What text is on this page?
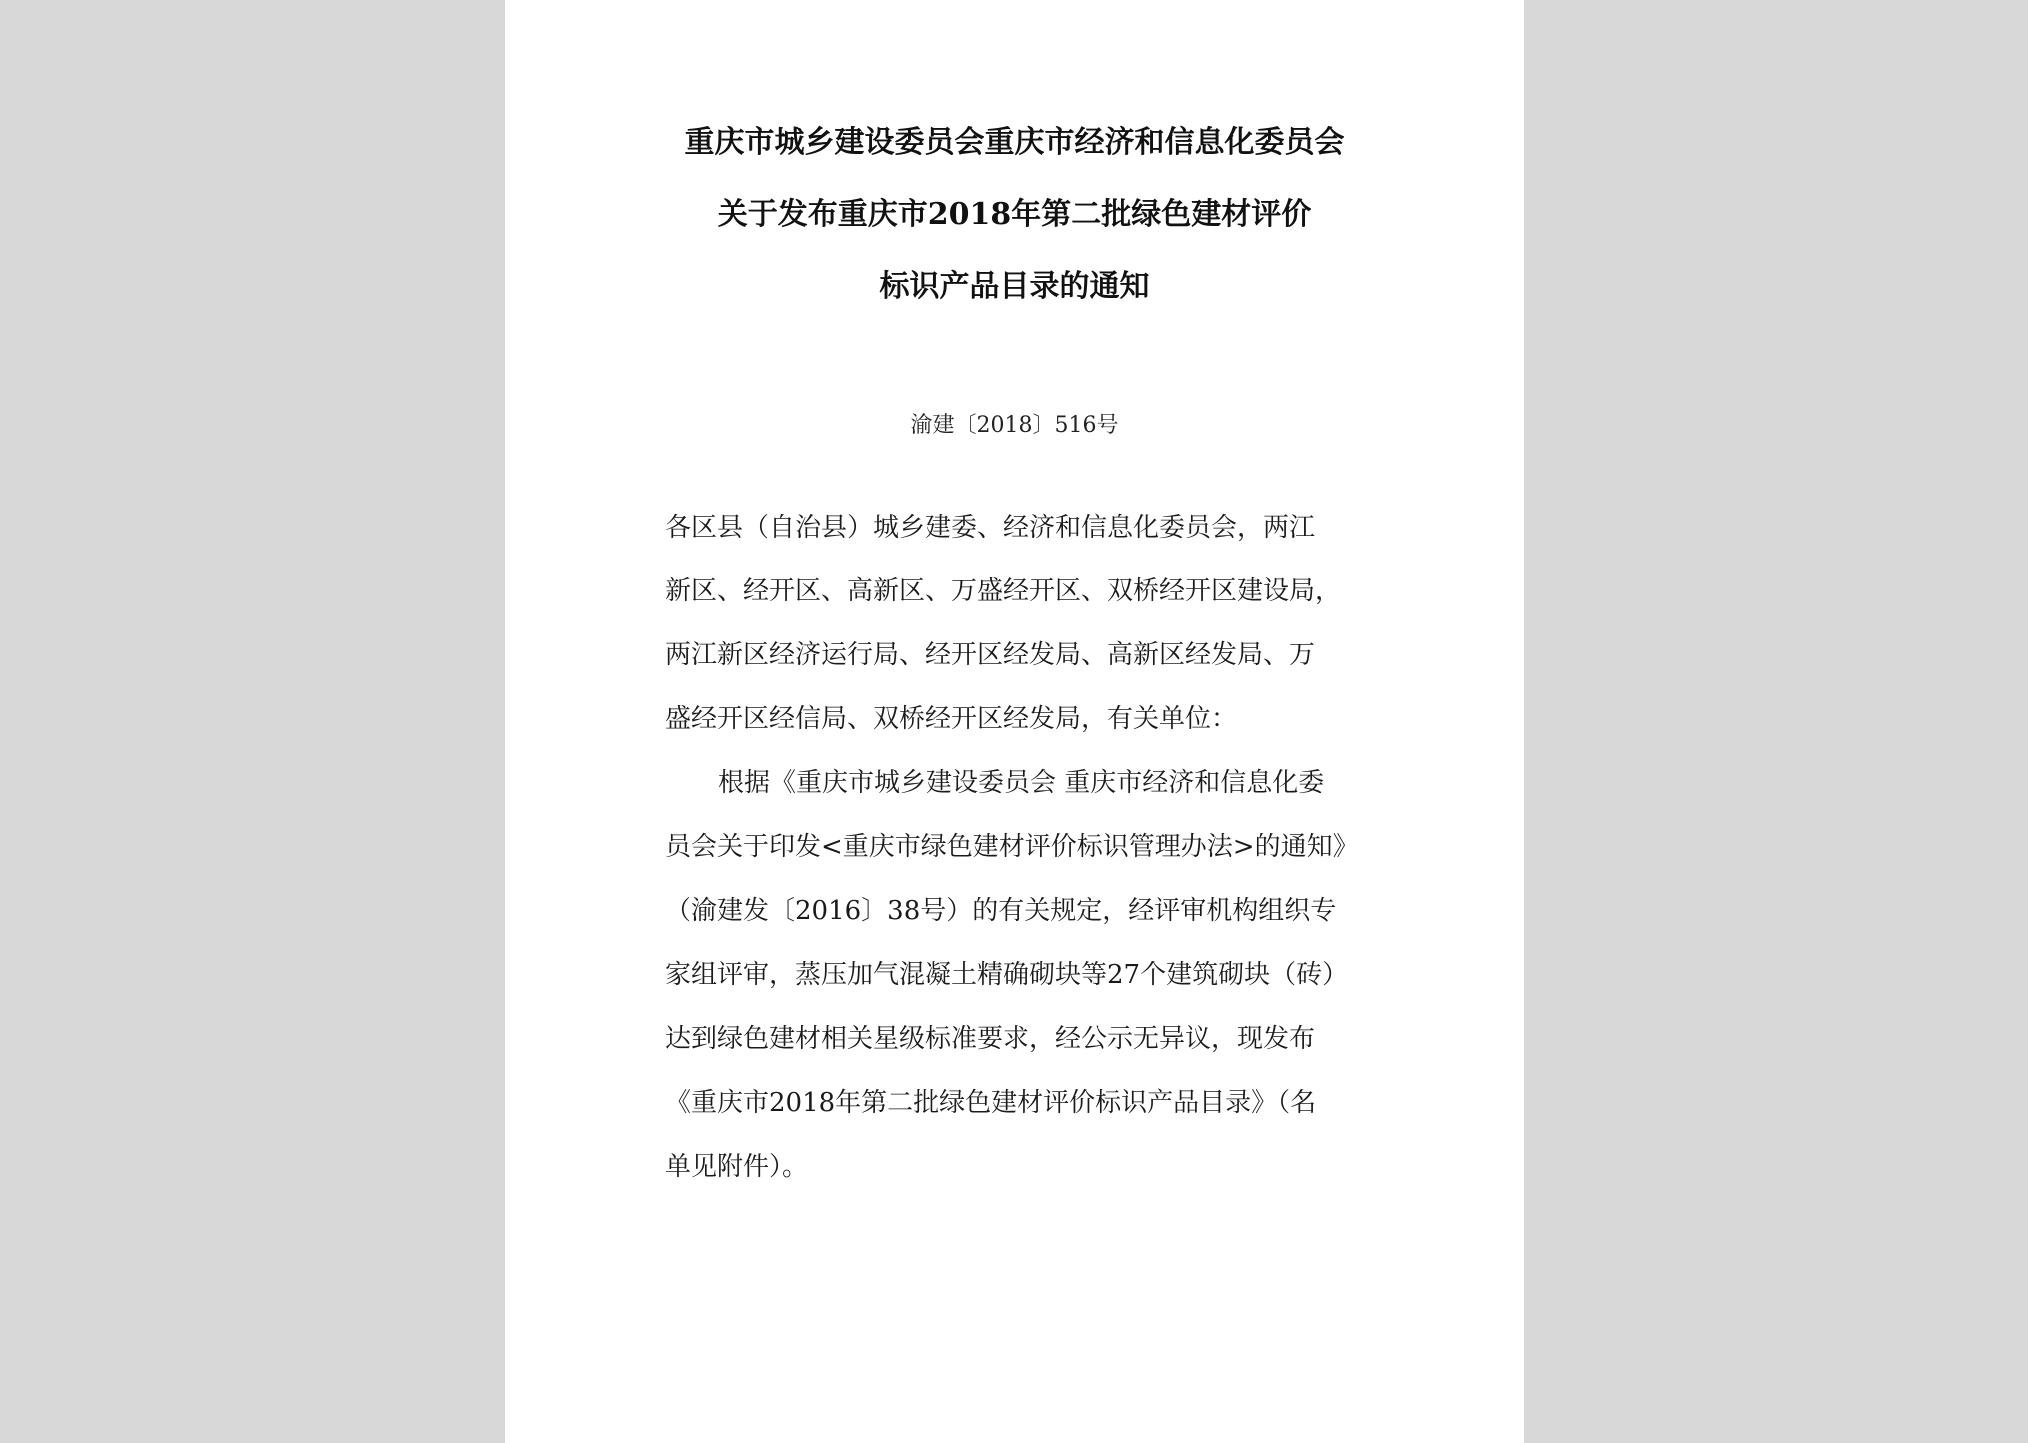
重庆市城乡建设委员会重庆市经济和信息化委员会
关于发布重庆市2018年第二批绿色建材评价
标识产品目录的通知
渝建〔2018〕516号
各区县（自治县）城乡建委、经济和信息化委员会，两江
新区、经开区、高新区、万盛经开区、双桥经开区建设局，
两江新区经济运行局、经开区经发局、高新区经发局、万
盛经开区经信局、双桥经开区经发局，有关单位：
根据《重庆市城乡建设委员会 重庆市经济和信息化委
员会关于印发<重庆市绿色建材评价标识管理办法>的通知》
（渝建发〔2016〕38号）的有关规定，经评审机构组织专
家组评审，蒸压加气混凝土精确砌块等27个建筑砌块（砖）
达到绿色建材相关星级标准要求，经公示无异议，现发布
《重庆市2018年第二批绿色建材评价标识产品目录》（名
单见附件）。
